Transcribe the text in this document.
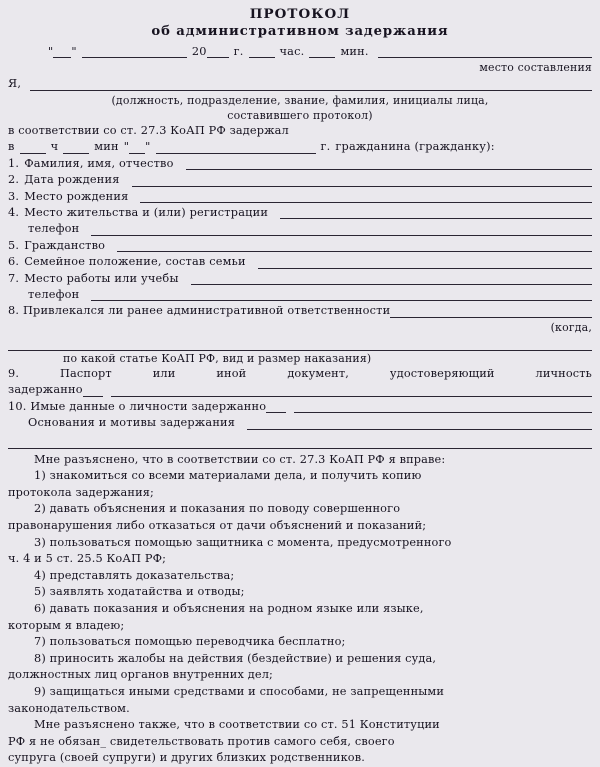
ПРОТОКОЛ
об административном задержания
" "	20 г.	час.	мин.
место составления
Я,
(должность, подразделение, звание, фамилия, инициалы лица,
составившего протокол)
в соответствии со ст. 27.3 КоАП РФ задержал
в	ч	мин " "	г. гражданина (гражданку):
1. Фамилия, имя, отчество
2. Дата рождения
3. Место рождения
4. Место жительства и (или) регистрации
телефон
5. Гражданство
6. Семейное положение, состав семьи
7. Место работы или учебы
телефон
8. Привлекался ли ранее административной ответственности
(когда,
по какой статье КоАП РФ, вид и размер наказания)
9.	Паспорт	или	иной	документ,	удостоверяющий	личность
задержанно
10. Имые данные о личности задержанно
Основания и мотивы задержания
Мне разъяснено, что в соответствии со ст. 27.3 КоАП РФ я вправе:
1) знакомиться со всеми материалами дела, и получить копию
протокола задержания;
2) давать объяснения и показания по поводу совершенного
правонарушения либо отказаться от дачи объяснений и показаний;
3) пользоваться помощью защитника с момента, предусмотренного
ч. 4 и 5 ст. 25.5 КоАП РФ;
4) представлять доказательства;
5) заявлять ходатайства и отводы;
6) давать показания и объяснения на родном языке или языке,
которым я владею;
7) пользоваться помощью переводчика бесплатно;
8) приносить жалобы на действия (бездействие) и решения суда,
должностных лиц органов внутренних дел;
9) защищаться иными средствами и способами, не запрещенными
законодательством.
Мне разъяснено также, что в соответствии со ст. 51 Конституции
РФ я не обязан_ свидетельствовать против самого себя, своего
супруга (своей супруги) и других близких родственников.
